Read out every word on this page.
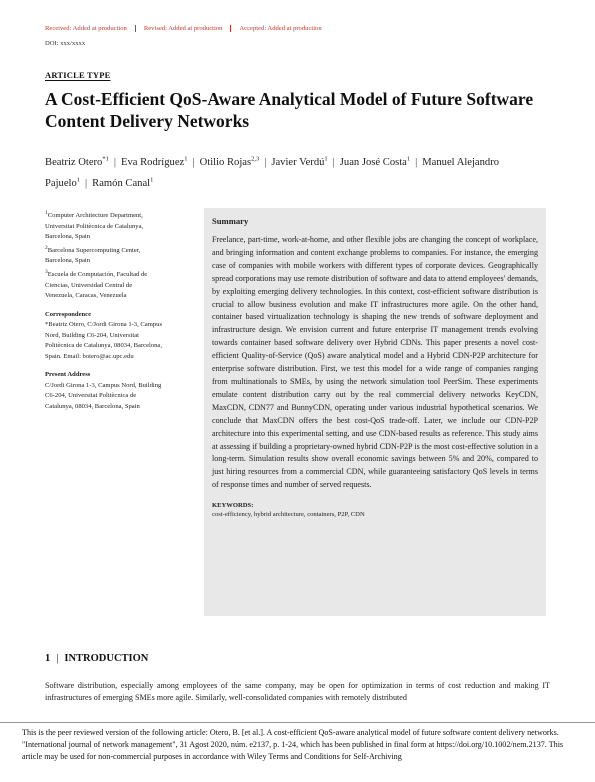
Received: Added at production	Revised: Added at production	Accepted: Added at production
DOI: xxx/xxxx
ARTICLE TYPE
A Cost-Efficient QoS-Aware Analytical Model of Future Software
Content Delivery Networks
Beatriz Otero$^{*1}$ | Eva Rodríguez$^1$ | Otilio Rojas$^{2,3}$ | Javier Verdú$^1$ | Juan José Costa$^1$ | Manuel Alejandro Pajuelo$^1$ | Ramón Canal$^1$
$^1$Computer Architecture Department,
Universitat Politècnica de Catalunya,
Barcelona, Spain
$^2$Barcelona Supercomputing Center,
Barcelona, Spain
$^3$Escuela de Computación, Facultad de
Ciencias, Universidad Central de
Venezuela, Caracas, Venezuela
Correspondence
*Beatriz Otero, C/Jordi Girona 1-3, Campus
Nord, Building C6-204, Universitat
Politècnica de Catalunya, 08034, Barcelona,
Spain. Email: botero@ac.upc.edu
Present Address
C/Jordi Girona 1-3, Campus Nord, Building
C6-204, Universitat Politècnica de
Catalunya, 08034, Barcelona, Spain
Summary

Freelance, part-time, work-at-home, and other flexible jobs are changing the concept of workplace, and bringing information and content exchange problems to companies. For instance, the emerging case of companies with mobile workers with different types of corporate devices. Geographically spread corporations may use remote distribution of software and data to attend employees' demands, by exploiting emerging delivery technologies. In this context, cost-efficient software distribution is crucial to allow business evolution and make IT infrastructures more agile. On the other hand, container based virtualization technology is shaping the new trends of software deployment and infrastructure design. We envision current and future enterprise IT management trends evolving towards container based software delivery over Hybrid CDNs. This paper presents a novel cost-efficient Quality-of-Service (QoS) aware analytical model and a Hybrid CDN-P2P architecture for enterprise software distribution. First, we test this model for a wide range of companies ranging from multinationals to SMEs, by using the network simulation tool PeerSim. These experiments emulate content distribution carry out by the real commercial delivery networks KeyCDN, MaxCDN, CDN77 and BunnyCDN, operating under various industrial hypothetical scenarios. We conclude that MaxCDN offers the best cost-QoS trade-off. Later, we include our CDN-P2P architecture into this experimental setting, and use CDN-based results as reference. This study aims at assessing if building a proprietary-owned hybrid CDN-P2P is the most cost-effective solution in a long-term. Simulation results show overall economic savings between 5% and 20%, compared to just hiring resources from a commercial CDN, while guaranteeing satisfactory QoS levels in terms of response times and number of served requests.

KEYWORDS:

cost-efficiency, hybrid architecture, containers, P2P, CDN

1 | INTRODUCTION
Software distribution, especially among employees of the same company, may be open for optimization in terms of cost reduction and making IT infrastructures of emerging SMEs more agile. Similarly, well-consolidated companies with remotely distributed
This is the peer reviewed version of the following article: Otero, B. [et al.]. A cost-efficient QoS-aware analytical model of future software content delivery networks. "International journal of network management", 31 Agost 2020, núm. e2137, p. 1-24, which has been published in final form at https://doi.org/10.1002/nem.2137. This article may be used for non-commercial purposes in accordance with Wiley Terms and Conditions for Self-Archiving
